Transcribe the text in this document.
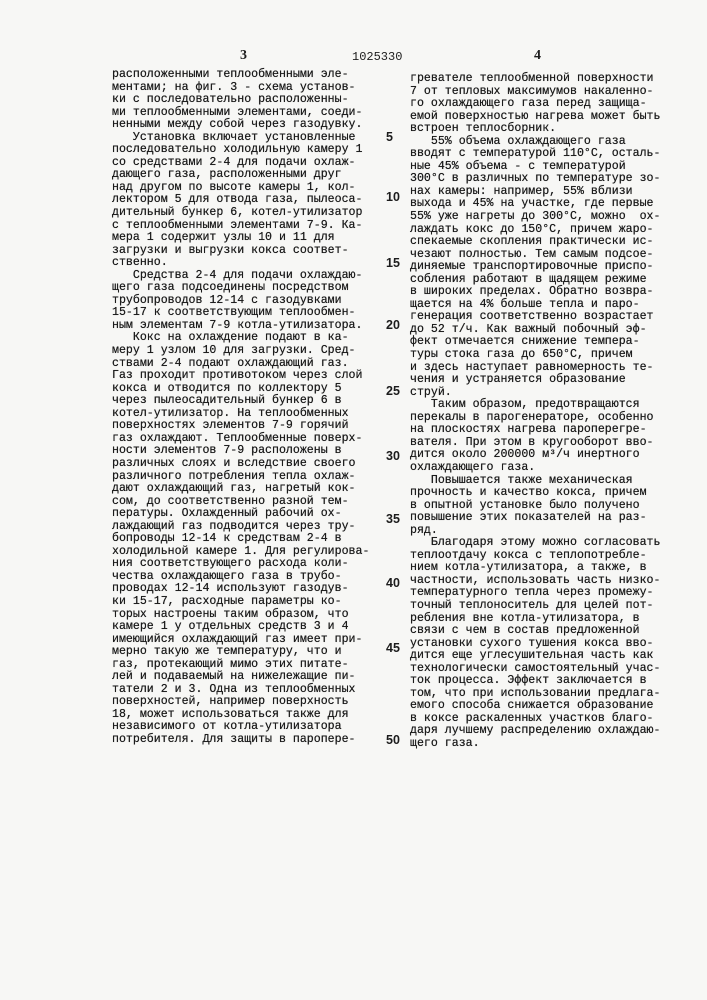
3	1025330	4
расположенными теплообменными эле-
ментами; на фиг. 3 - схема установ-
ки с последовательно расположенны-
ми теплообменными элементами, соеди-
ненными между собой через газодувку.
Установка включает установленные
последовательно холодильную камеру 1
со средствами 2-4 для подачи охлаж-
дающего газа, расположенными друг
над другом по высоте камеры 1, кол-
лектором 5 для отвода газа, пылеоса-
дительный бункер 6, котел-утилизатор
с теплообменными элементами 7-9. Ка-
мера 1 содержит узлы 10 и 11 для
загрузки и выгрузки кокса соответ-
ственно.
Средства 2-4 для подачи охлаждаю-
щего газа подсоединены посредством
трубопроводов 12-14 с газодувками
15-17 к соответствующим теплообмен-
ным элементам 7-9 котла-утилизатора.
Кокс на охлаждение подают в ка-
меру 1 узлом 10 для загрузки. Сред-
ствами 2-4 подают охлаждающий газ.
Газ проходит противотоком через слой
кокса и отводится по коллектору 5
через пылеосадительный бункер 6 в
котел-утилизатор. На теплообменных
поверхностях элементов 7-9 горячий
газ охлаждают. Теплообменные поверх-
ности элементов 7-9 расположены в
различных слоях и вследствие своего
различного потребления тепла охлаж-
дают охлаждающий газ, нагретый кок-
сом, до соответственно разной тем-
пературы. Охлажденный рабочий ох-
лаждающий газ подводится через тру-
бопроводы 12-14 к средствам 2-4 в
холодильной камере 1. Для регулирова-
ния соответствующего расхода коли-
чества охлаждающего газа в трубо-
проводах 12-14 используют газодув-
ки 15-17, расходные параметры ко-
торых настроены таким образом, что
камере 1 у отдельных средств 3 и 4
имеющийся охлаждающий газ имеет при-
мерно такую же температуру, что и
газ, протекающий мимо этих питате-
лей и подаваемый на нижележащие пи-
татели 2 и 3. Одна из теплообменных
поверхностей, например поверхность
18, может использоваться также для
независимого от котла-утилизатора
потребителя. Для защиты в паропере-
гревателе теплообменной поверхности
7 от тепловых максимумов накаленно-
го охлаждающего газа перед защища-
емой поверхностью нагрева может быть
встроен теплосборник.
55% объема охлаждающего газа
вводят с температурой 110°С, осталь-
ные 45% объема - с температурой
300°С в различных по температуре зо-
нах камеры: например, 55% вблизи
выхода и 45% на участке, где первые
55% уже нагреты до 300°С, можно  ох-
лаждать кокс до 150°С, причем жаро-
спекаемые скопления практически ис-
чезают полностью. Тем самым подсое-
диняемые транспортировочные приспо-
собления работают в щадящем режиме
в широких пределах. Обратно возвра-
щается на 4% больше тепла и паро-
генерация соответственно возрастает
до 52 т/ч. Как важный побочный эф-
фект отмечается снижение темпера-
туры стока газа до 650°С, причем
и здесь наступает равномерность те-
чения и устраняется образование
струй.
Таким образом, предотвращаются
перекалы в парогенераторе, особенно
на плоскостях нагрева пароперегре-
вателя. При этом в кругооборот вво-
дится около 200000 м³/ч инертного
охлаждающего газа.
Повышается также механическая
прочность и качество кокса, причем
в опытной установке было получено
повышение этих показателей на раз-
ряд.
Благодаря этому можно согласовать
теплоотдачу кокса с теплопотребле-
нием котла-утилизатора, а также, в
частности, использовать часть низко-
температурного тепла через промежу-
точный теплоноситель для целей пот-
ребления вне котла-утилизатора, в
связи с чем в состав предложенной
установки сухого тушения кокса вво-
дится еще углесушительная часть как
технологически самостоятельный учас-
ток процесса. Эффект заключается в
том, что при использовании предлага-
емого способа снижается образование
в коксе раскаленных участков благо-
даря лучшему распределению охлаждаю-
щего газа.
5
10
15
20
25
30
35
40
45
50
